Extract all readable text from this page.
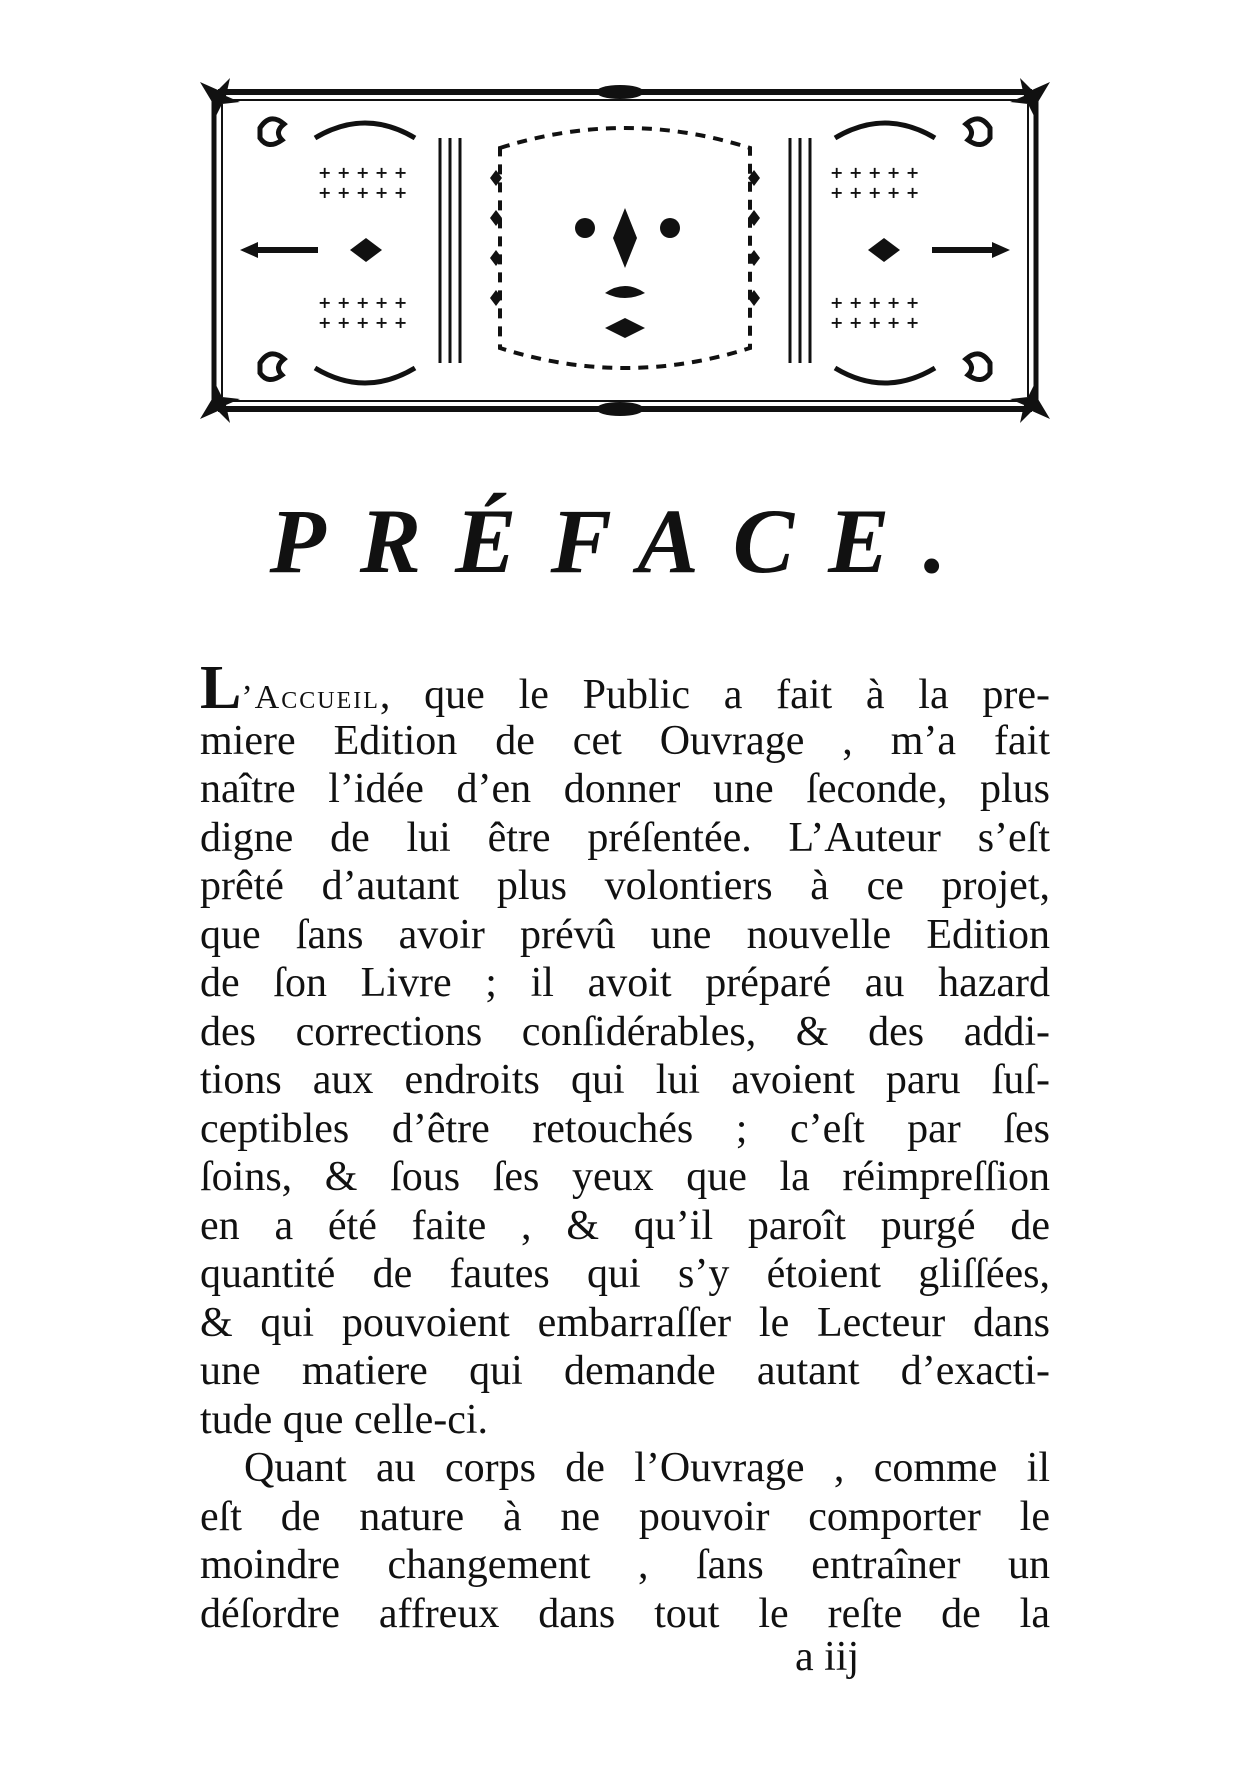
+ + + + +
+ + + + +
+ + + + +
+ + + + +
+ + + + +
+ + + + +
+ + + + +
+ + + + +
PRÉFACE.
L’Accueil, que le Public a fait à la pre-
miere Edition de cet Ouvrage , m’a fait
naître l’idée d’en donner une ſeconde, plus
digne de lui être préſentée. L’Auteur s’eſt
prêté d’autant plus volontiers à ce projet,
que ſans avoir prévû une nouvelle Edition
de ſon Livre ; il avoit préparé au hazard
des corrections conſidérables, & des addi-
tions aux endroits qui lui avoient paru ſuſ-
ceptibles d’être retouchés ; c’eſt par ſes
ſoins, & ſous ſes yeux que la réimpreſſion
en a été faite , & qu’il paroît purgé de
quantité de fautes qui s’y étoient gliſſées,
& qui pouvoient embarraſſer le Lecteur dans
une matiere qui demande autant d’exacti-
tude que celle-ci.
Quant au corps de l’Ouvrage , comme il
eſt de nature à ne pouvoir comporter le
moindre changement , ſans entraîner un
déſordre affreux dans tout le reſte de la
a iij
